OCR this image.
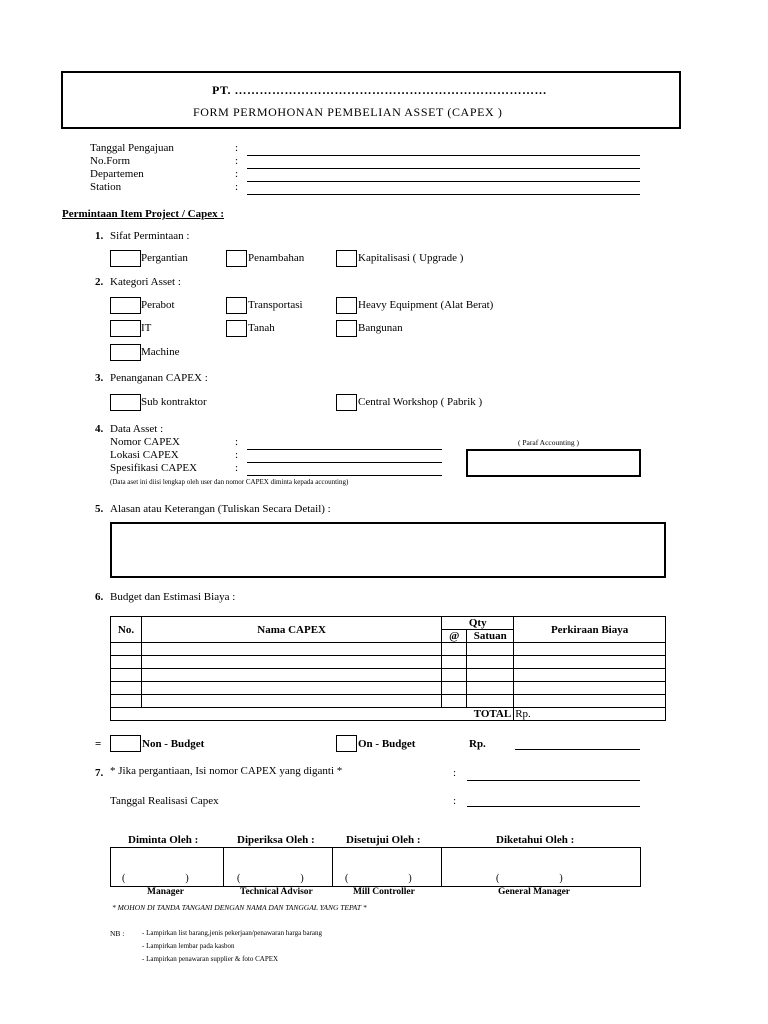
PT. …………………………………………………………………
FORM PERMOHONAN PEMBELIAN ASSET (CAPEX )
Tanggal Pengajuan	:
No.Form	:
Departemen	:
Station	:
Permintaan Item Project / Capex :
1. Sifat Permintaan :
Pergantian	Penambahan	Kapitalisasi ( Upgrade )
2. Kategori Asset :
Perabot	Transportasi	Heavy Equipment (Alat Berat)
IT	Tanah	Bangunan
Machine
3. Penanganan CAPEX :
Sub kontraktor	Central Workshop ( Pabrik )
4. Data Asset :
Nomor CAPEX	:
Lokasi CAPEX	:
Spesifikasi CAPEX	:
(Data aset ini diisi lengkap oleh user dan nomor CAPEX diminta kepada accounting)
( Paraf Accounting )
5. Alasan atau Keterangan (Tuliskan Secara Detail) :
6. Budget dan Estimasi Biaya :
No.	Nama CAPEX	Qty		Perkiraan Biaya
		@	Satuan	

TOTAL				Rp.
=	Non - Budget	On - Budget	Rp.
7. * Jika pergantiaan, Isi nomor CAPEX yang diganti *	:
Tanggal Realisasi Capex	:
Diminta Oleh :	Diperiksa Oleh :	Disetujui Oleh :	Diketahui Oleh :
(                        )	(                        )	(                        )	(                        )
Manager	Technical Advisor	Mill Controller	General Manager
* MOHON DI TANDA TANGANI DENGAN NAMA DAN TANGGAL YANG TEPAT *
NB :	- Lampirkan list barang,jenis pekerjaan/penawaran harga barang
- Lampirkan lembar pada kasbon
- Lampirkan penawaran supplier & foto CAPEX
